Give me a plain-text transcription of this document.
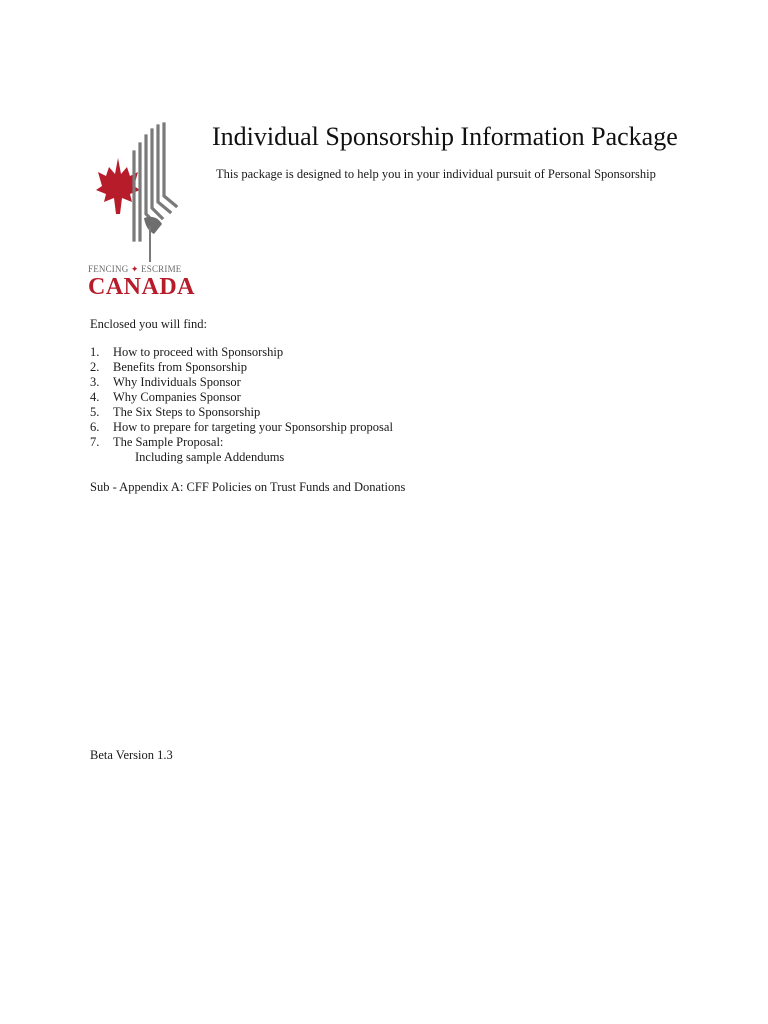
FENCING ✦ ESCRIME
CANADA
Individual Sponsorship Information Package
This package is designed to help you in your individual pursuit of Personal Sponsorship
Enclosed you will find:
1.	How to proceed with Sponsorship
2.	Benefits from Sponsorship
3.	Why Individuals Sponsor
4.	Why Companies Sponsor
5.	The Six Steps to Sponsorship
6.	How to prepare for targeting your Sponsorship proposal
7.	The Sample Proposal:
Including sample Addendums
Sub - Appendix A: CFF Policies on Trust Funds and Donations
Beta Version 1.3
